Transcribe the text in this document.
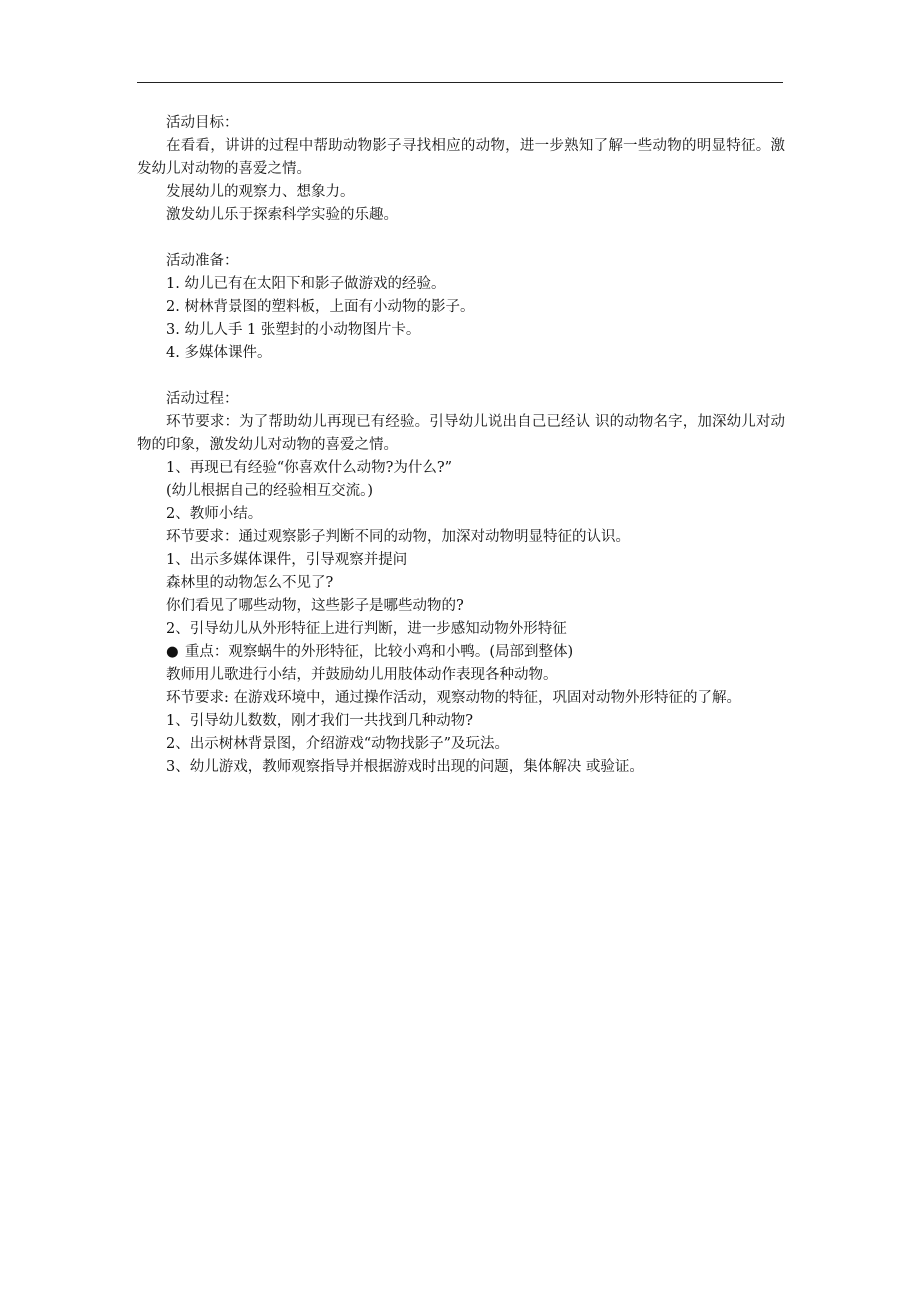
活动目标：

在看看，讲讲的过程中帮助动物影子寻找相应的动物，进一步熟知了解一些动物的明显特征。激发幼儿对动物的喜爱之情。

发展幼儿的观察力、想象力。

激发幼儿乐于探索科学实验的乐趣。

活动准备：

1. 幼儿已有在太阳下和影子做游戏的经验。

2. 树林背景图的塑料板，上面有小动物的影子。

3. 幼儿人手 1 张塑封的小动物图片卡。

4. 多媒体课件。

活动过程：

环节要求：为了帮助幼儿再现已有经验。引导幼儿说出自己已经认 识的动物名字，加深幼儿对动物的印象，激发幼儿对动物的喜爱之情。

1、再现已有经验“你喜欢什么动物?为什么?”

(幼儿根据自己的经验相互交流。)

2、教师小结。

环节要求：通过观察影子判断不同的动物，加深对动物明显特征的认识。

1、出示多媒体课件，引导观察并提问

森林里的动物怎么不见了?

你们看见了哪些动物，这些影子是哪些动物的?

2、引导幼儿从外形特征上进行判断，进一步感知动物外形特征

● 重点：观察蜗牛的外形特征，比较小鸡和小鸭。(局部到整体)

教师用儿歌进行小结，并鼓励幼儿用肢体动作表现各种动物。

环节要求: 在游戏环境中，通过操作活动，观察动物的特征，巩固对动物外形特征的了解。

1、引导幼儿数数，刚才我们一共找到几种动物?

2、出示树林背景图，介绍游戏“动物找影子”及玩法。

3、幼儿游戏，教师观察指导并根据游戏时出现的问题，集体解决 或验证。
